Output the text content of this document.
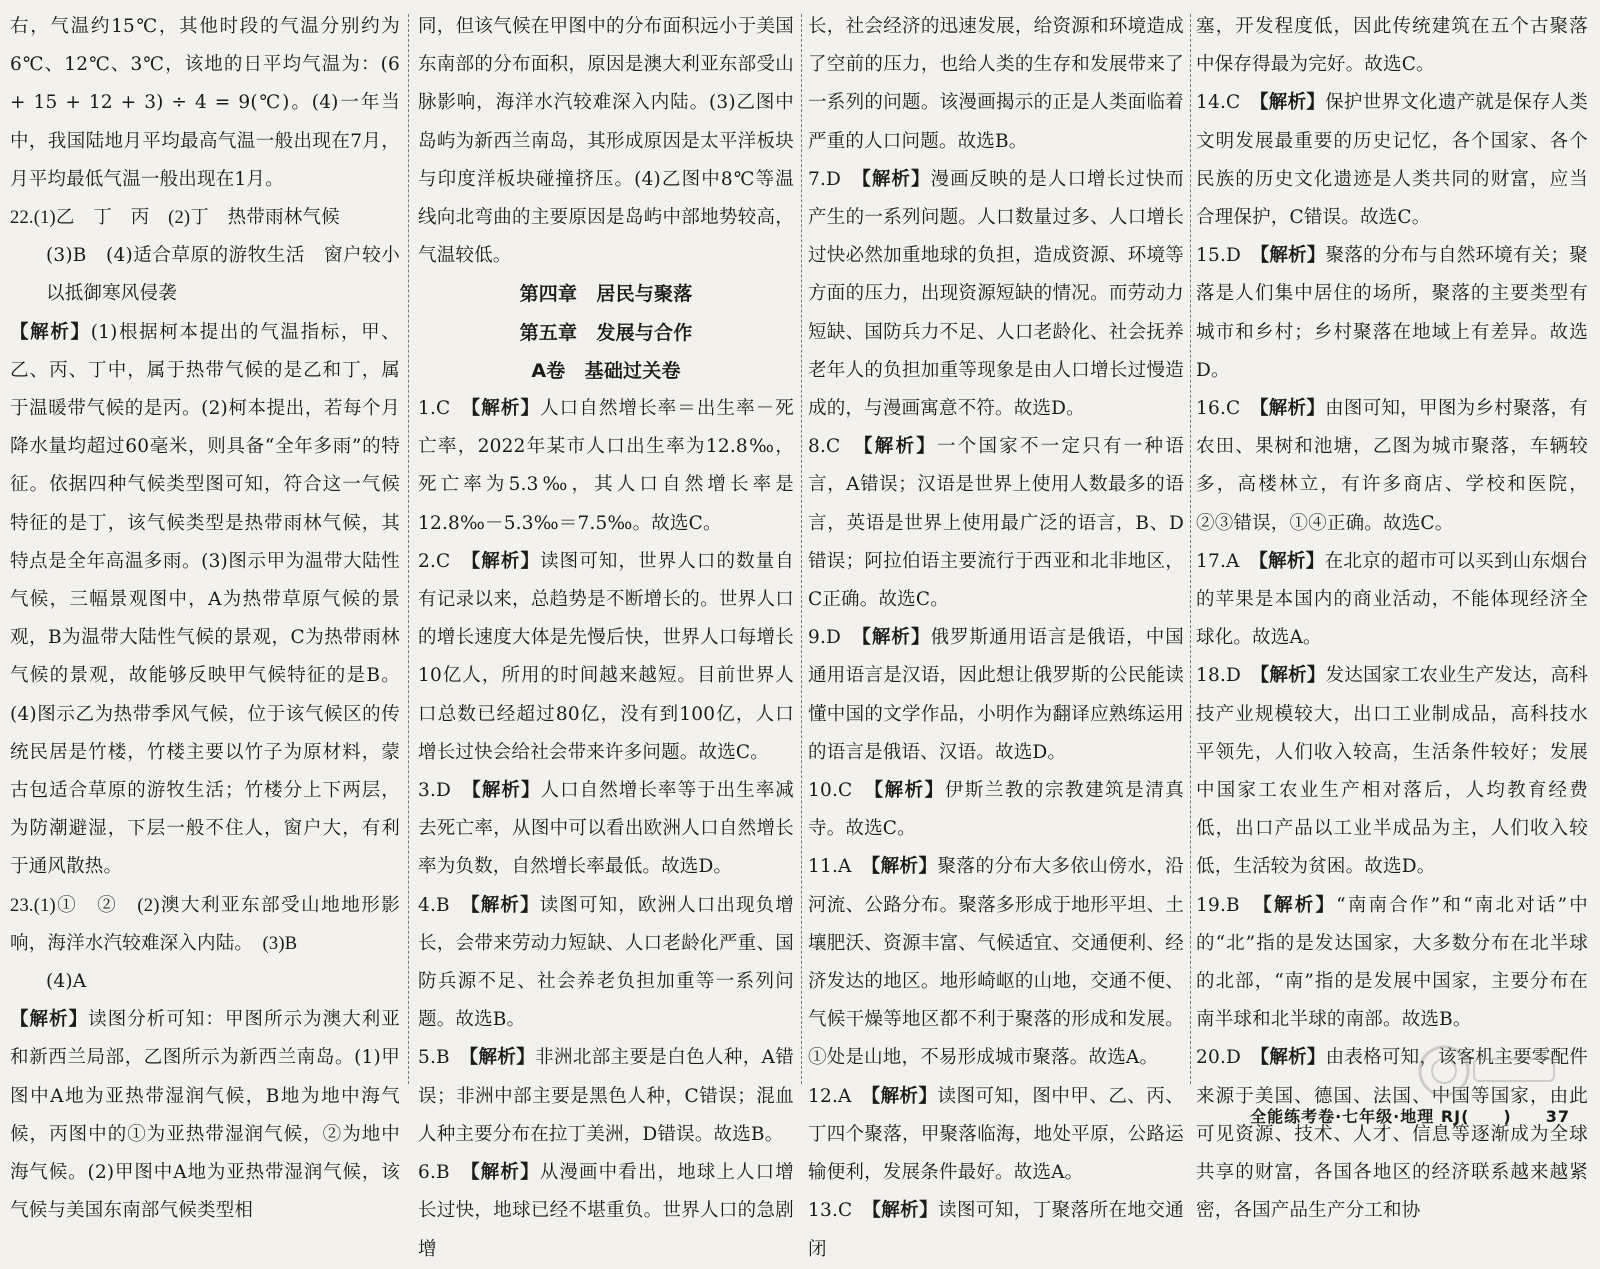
右，气温约15℃，其他时段的气温分别约为6℃、12℃、3℃，该地的日平均气温为：(6 + 15 + 12 + 3) ÷ 4 = 9(℃)。(4)一年当中，我国陆地月平均最高气温一般出现在7月，月平均最低气温一般出现在1月。
22.(1)乙　丁　丙　(2)丁　热带雨林气候
(3)B　(4)适合草原的游牧生活　窗户较小以抵御寒风侵袭
【解析】(1)根据柯本提出的气温指标，甲、乙、丙、丁中，属于热带气候的是乙和丁，属于温暖带气候的是丙。(2)柯本提出，若每个月降水量均超过60毫米，则具备“全年多雨”的特征。依据四种气候类型图可知，符合这一气候特征的是丁，该气候类型是热带雨林气候，其特点是全年高温多雨。(3)图示甲为温带大陆性气候，三幅景观图中，A为热带草原气候的景观，B为温带大陆性气候的景观，C为热带雨林气候的景观，故能够反映甲气候特征的是B。(4)图示乙为热带季风气候，位于该气候区的传统民居是竹楼，竹楼主要以竹子为原材料，蒙古包适合草原的游牧生活；竹楼分上下两层，为防潮避湿，下层一般不住人，窗户大，有利于通风散热。
23.(1)①　②　(2)澳大利亚东部受山地地形影响，海洋水汽较难深入内陆。　(3)B
(4)A
【解析】读图分析可知：甲图所示为澳大利亚和新西兰局部，乙图所示为新西兰南岛。(1)甲图中A地为亚热带湿润气候，B地为地中海气候，丙图中的①为亚热带湿润气候，②为地中海气候。(2)甲图中A地为亚热带湿润气候，该气候与美国东南部气候类型相
同，但该气候在甲图中的分布面积远小于美国东南部的分布面积，原因是澳大利亚东部受山脉影响，海洋水汽较难深入内陆。(3)乙图中岛屿为新西兰南岛，其形成原因是太平洋板块与印度洋板块碰撞挤压。(4)乙图中8℃等温线向北弯曲的主要原因是岛屿中部地势较高，气温较低。
第四章　居民与聚落
第五章　发展与合作
A卷　基础过关卷
1.C　【解析】人口自然增长率＝出生率－死亡率，2022年某市人口出生率为12.8‰，死亡率为5.3‰，其人口自然增长率是12.8‰－5.3‰＝7.5‰。故选C。
2.C　【解析】读图可知，世界人口的数量自有记录以来，总趋势是不断增长的。世界人口的增长速度大体是先慢后快，世界人口每增长10亿人，所用的时间越来越短。目前世界人口总数已经超过80亿，没有到100亿，人口增长过快会给社会带来许多问题。故选C。
3.D　【解析】人口自然增长率等于出生率减去死亡率，从图中可以看出欧洲人口自然增长率为负数，自然增长率最低。故选D。
4.B　【解析】读图可知，欧洲人口出现负增长，会带来劳动力短缺、人口老龄化严重、国防兵源不足、社会养老负担加重等一系列问题。故选B。
5.B　【解析】非洲北部主要是白色人种，A错误；非洲中部主要是黑色人种，C错误；混血人种主要分布在拉丁美洲，D错误。故选B。
6.B　【解析】从漫画中看出，地球上人口增长过快，地球已经不堪重负。世界人口的急剧增
长，社会经济的迅速发展，给资源和环境造成了空前的压力，也给人类的生存和发展带来了一系列的问题。该漫画揭示的正是人类面临着严重的人口问题。故选B。
7.D　【解析】漫画反映的是人口增长过快而产生的一系列问题。人口数量过多、人口增长过快必然加重地球的负担，造成资源、环境等方面的压力，出现资源短缺的情况。而劳动力短缺、国防兵力不足、人口老龄化、社会抚养老年人的负担加重等现象是由人口增长过慢造成的，与漫画寓意不符。故选D。
8.C　【解析】一个国家不一定只有一种语言，A错误；汉语是世界上使用人数最多的语言，英语是世界上使用最广泛的语言，B、D错误；阿拉伯语主要流行于西亚和北非地区，C正确。故选C。
9.D　【解析】俄罗斯通用语言是俄语，中国通用语言是汉语，因此想让俄罗斯的公民能读懂中国的文学作品，小明作为翻译应熟练运用的语言是俄语、汉语。故选D。
10.C　【解析】伊斯兰教的宗教建筑是清真寺。故选C。
11.A　【解析】聚落的分布大多依山傍水，沿河流、公路分布。聚落多形成于地形平坦、土壤肥沃、资源丰富、气候适宜、交通便利、经济发达的地区。地形崎岖的山地，交通不便、气候干燥等地区都不利于聚落的形成和发展。①处是山地，不易形成城市聚落。故选A。
12.A　【解析】读图可知，图中甲、乙、丙、丁四个聚落，甲聚落临海，地处平原，公路运输便利，发展条件最好。故选A。
13.C　【解析】读图可知，丁聚落所在地交通闭
塞，开发程度低，因此传统建筑在五个古聚落中保存得最为完好。故选C。
14.C　【解析】保护世界文化遗产就是保存人类文明发展最重要的历史记忆，各个国家、各个民族的历史文化遗迹是人类共同的财富，应当合理保护，C错误。故选C。
15.D　【解析】聚落的分布与自然环境有关；聚落是人们集中居住的场所，聚落的主要类型有城市和乡村；乡村聚落在地域上有差异。故选D。
16.C　【解析】由图可知，甲图为乡村聚落，有农田、果树和池塘，乙图为城市聚落，车辆较多，高楼林立，有许多商店、学校和医院，②③错误，①④正确。故选C。
17.A　【解析】在北京的超市可以买到山东烟台的苹果是本国内的商业活动，不能体现经济全球化。故选A。
18.D　【解析】发达国家工农业生产发达，高科技产业规模较大，出口工业制成品，高科技水平领先，人们收入较高，生活条件较好；发展中国家工农业生产相对落后，人均教育经费低，出口产品以工业半成品为主，人们收入较低，生活较为贫困。故选D。
19.B　【解析】“南南合作”和“南北对话”中的“北”指的是发达国家，大多数分布在北半球的北部，“南”指的是发展中国家，主要分布在南半球和北半球的南部。故选B。
20.D　【解析】由表格可知，该客机主要零配件来源于美国、德国、法国、中国等国家，由此可见资源、技术、人才、信息等逐渐成为全球共享的财富，各国各地区的经济联系越来越紧密，各国产品生产分工和协
全能练考卷·七年级·地理 RJ(　　)　　37
